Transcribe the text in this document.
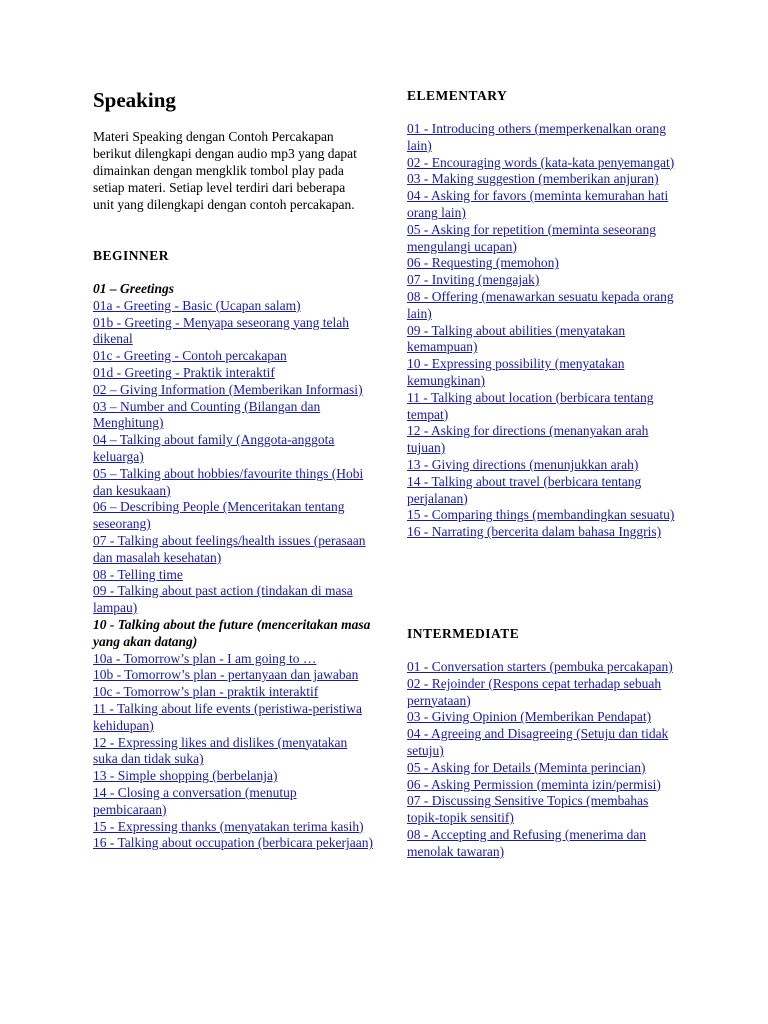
Speaking
Materi Speaking dengan Contoh Percakapan berikut dilengkapi dengan audio mp3 yang dapat dimainkan dengan mengklik tombol play pada setiap materi. Setiap level terdiri dari beberapa unit yang dilengkapi dengan contoh percakapan.
BEGINNER
01 – Greetings
01a - Greeting - Basic (Ucapan salam)
01b - Greeting - Menyapa seseorang yang telah dikenal
01c - Greeting - Contoh percakapan
01d - Greeting - Praktik interaktif
02 – Giving Information (Memberikan Informasi)
03 – Number and Counting (Bilangan dan Menghitung)
04 – Talking about family (Anggota-anggota keluarga)
05 – Talking about hobbies/favourite things (Hobi dan kesukaan)
06 – Describing People (Menceritakan tentang seseorang)
07 - Talking about feelings/health issues (perasaan dan masalah kesehatan)
08 - Telling time
09 - Talking about past action (tindakan di masa lampau)
10 - Talking about the future (menceritakan masa yang akan datang)
10a - Tomorrow’s plan - I am going to …
10b - Tomorrow’s plan - pertanyaan dan jawaban
10c - Tomorrow’s plan - praktik interaktif
11 - Talking about life events (peristiwa-peristiwa kehidupan)
12 - Expressing likes and dislikes (menyatakan suka dan tidak suka)
13 - Simple shopping (berbelanja)
14 - Closing a conversation (menutup pembicaraan)
15 - Expressing thanks (menyatakan terima kasih)
16 - Talking about occupation (berbicara pekerjaan)
ELEMENTARY
01 - Introducing others (memperkenalkan orang lain)
02 - Encouraging words (kata-kata penyemangat)
03 - Making suggestion (memberikan anjuran)
04 - Asking for favors (meminta kemurahan hati orang lain)
05 - Asking for repetition (meminta seseorang mengulangi ucapan)
06 - Requesting (memohon)
07 - Inviting (mengajak)
08 - Offering (menawarkan sesuatu kepada orang lain)
09 - Talking about abilities (menyatakan kemampuan)
10 - Expressing possibility (menyatakan kemungkinan)
11 - Talking about location (berbicara tentang tempat)
12 - Asking for directions (menanyakan arah tujuan)
13 - Giving directions (menunjukkan arah)
14 - Talking about travel (berbicara tentang perjalanan)
15 - Comparing things (membandingkan sesuatu)
16 - Narrating (bercerita dalam bahasa Inggris)
INTERMEDIATE
01 - Conversation starters (pembuka percakapan)
02 - Rejoinder (Respons cepat terhadap sebuah pernyataan)
03 - Giving Opinion (Memberikan Pendapat)
04 - Agreeing and Disagreeing (Setuju dan tidak setuju)
05 - Asking for Details (Meminta perincian)
06 - Asking Permission (meminta izin/permisi)
07 - Discussing Sensitive Topics (membahas topik-topik sensitif)
08 - Accepting and Refusing (menerima dan menolak tawaran)
